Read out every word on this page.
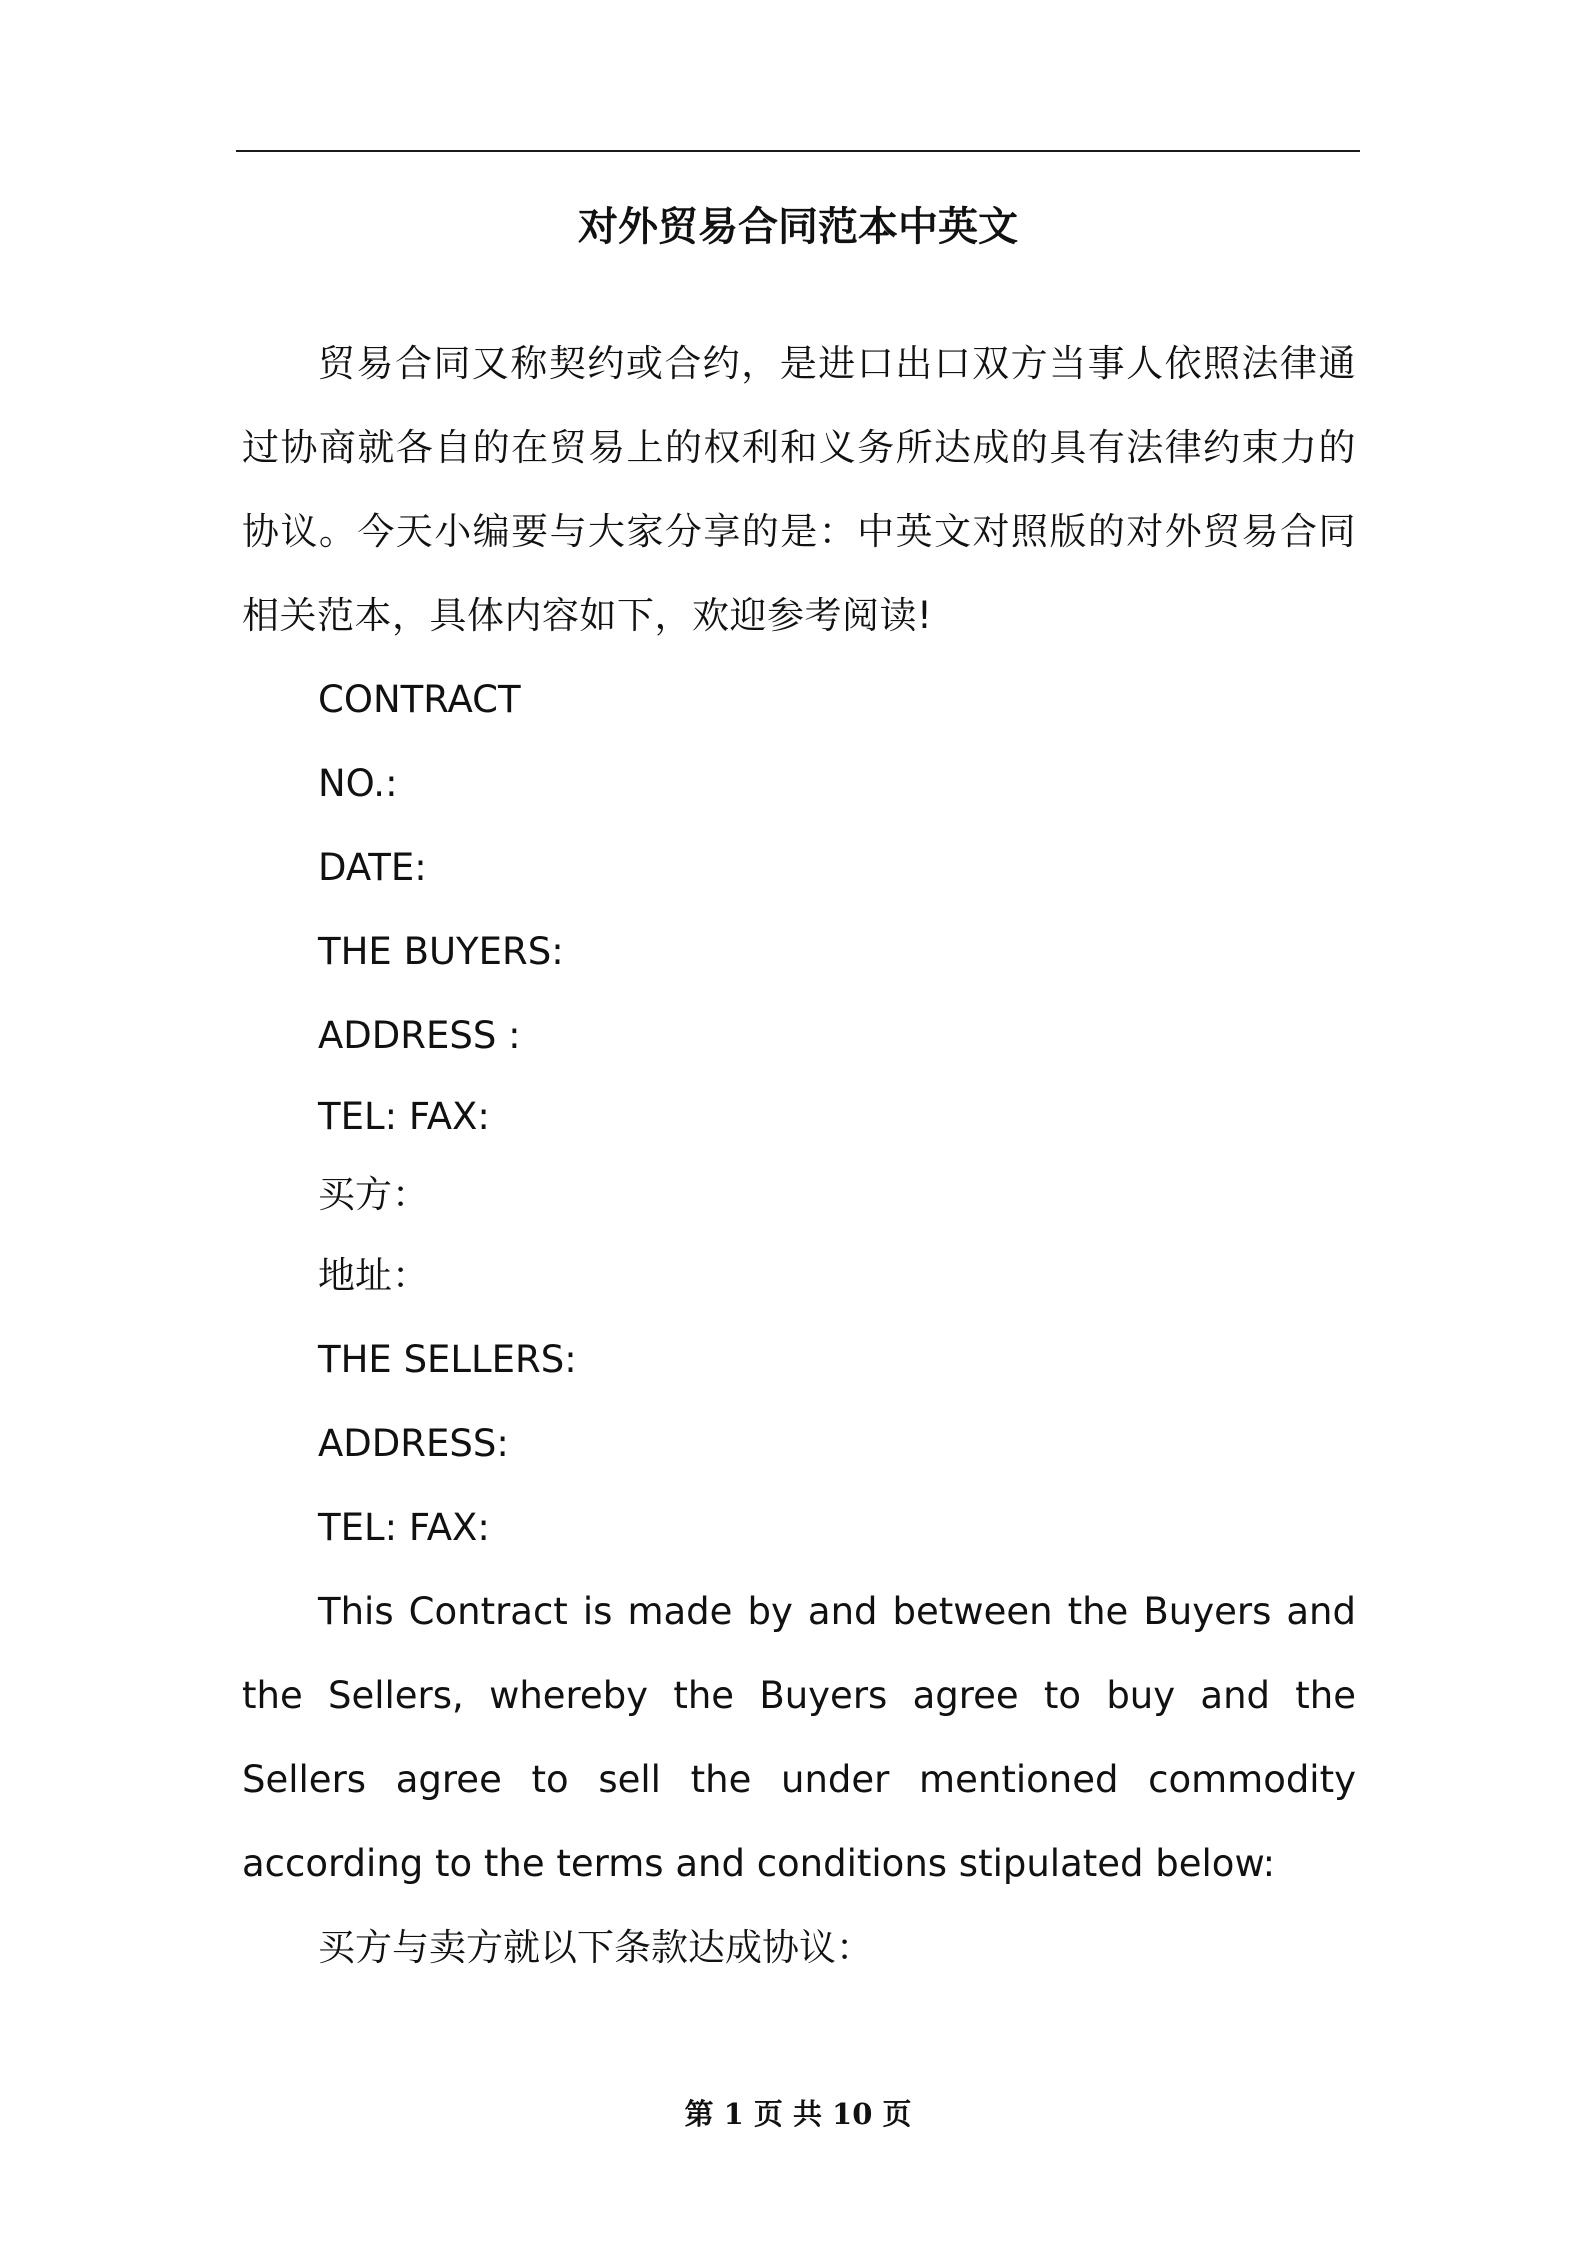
对外贸易合同范本中英文

贸易合同又称契约或合约，是进口出口双方当事人依照法律通过协商就各自的在贸易上的权利和义务所达成的具有法律约束力的协议。今天小编要与大家分享的是：中英文对照版的对外贸易合同相关范本，具体内容如下，欢迎参考阅读!

CONTRACT

NO.:

DATE:

THE BUYERS:

ADDRESS :

TEL: FAX:

买方：

地址：

THE SELLERS:

ADDRESS:

TEL: FAX:

This Contract is made by and between the Buyers and the Sellers, whereby the Buyers agree to buy and the Sellers agree to sell the under mentioned commodity according to the terms and conditions stipulated below:

买方与卖方就以下条款达成协议：

第 1 页 共 10 页
